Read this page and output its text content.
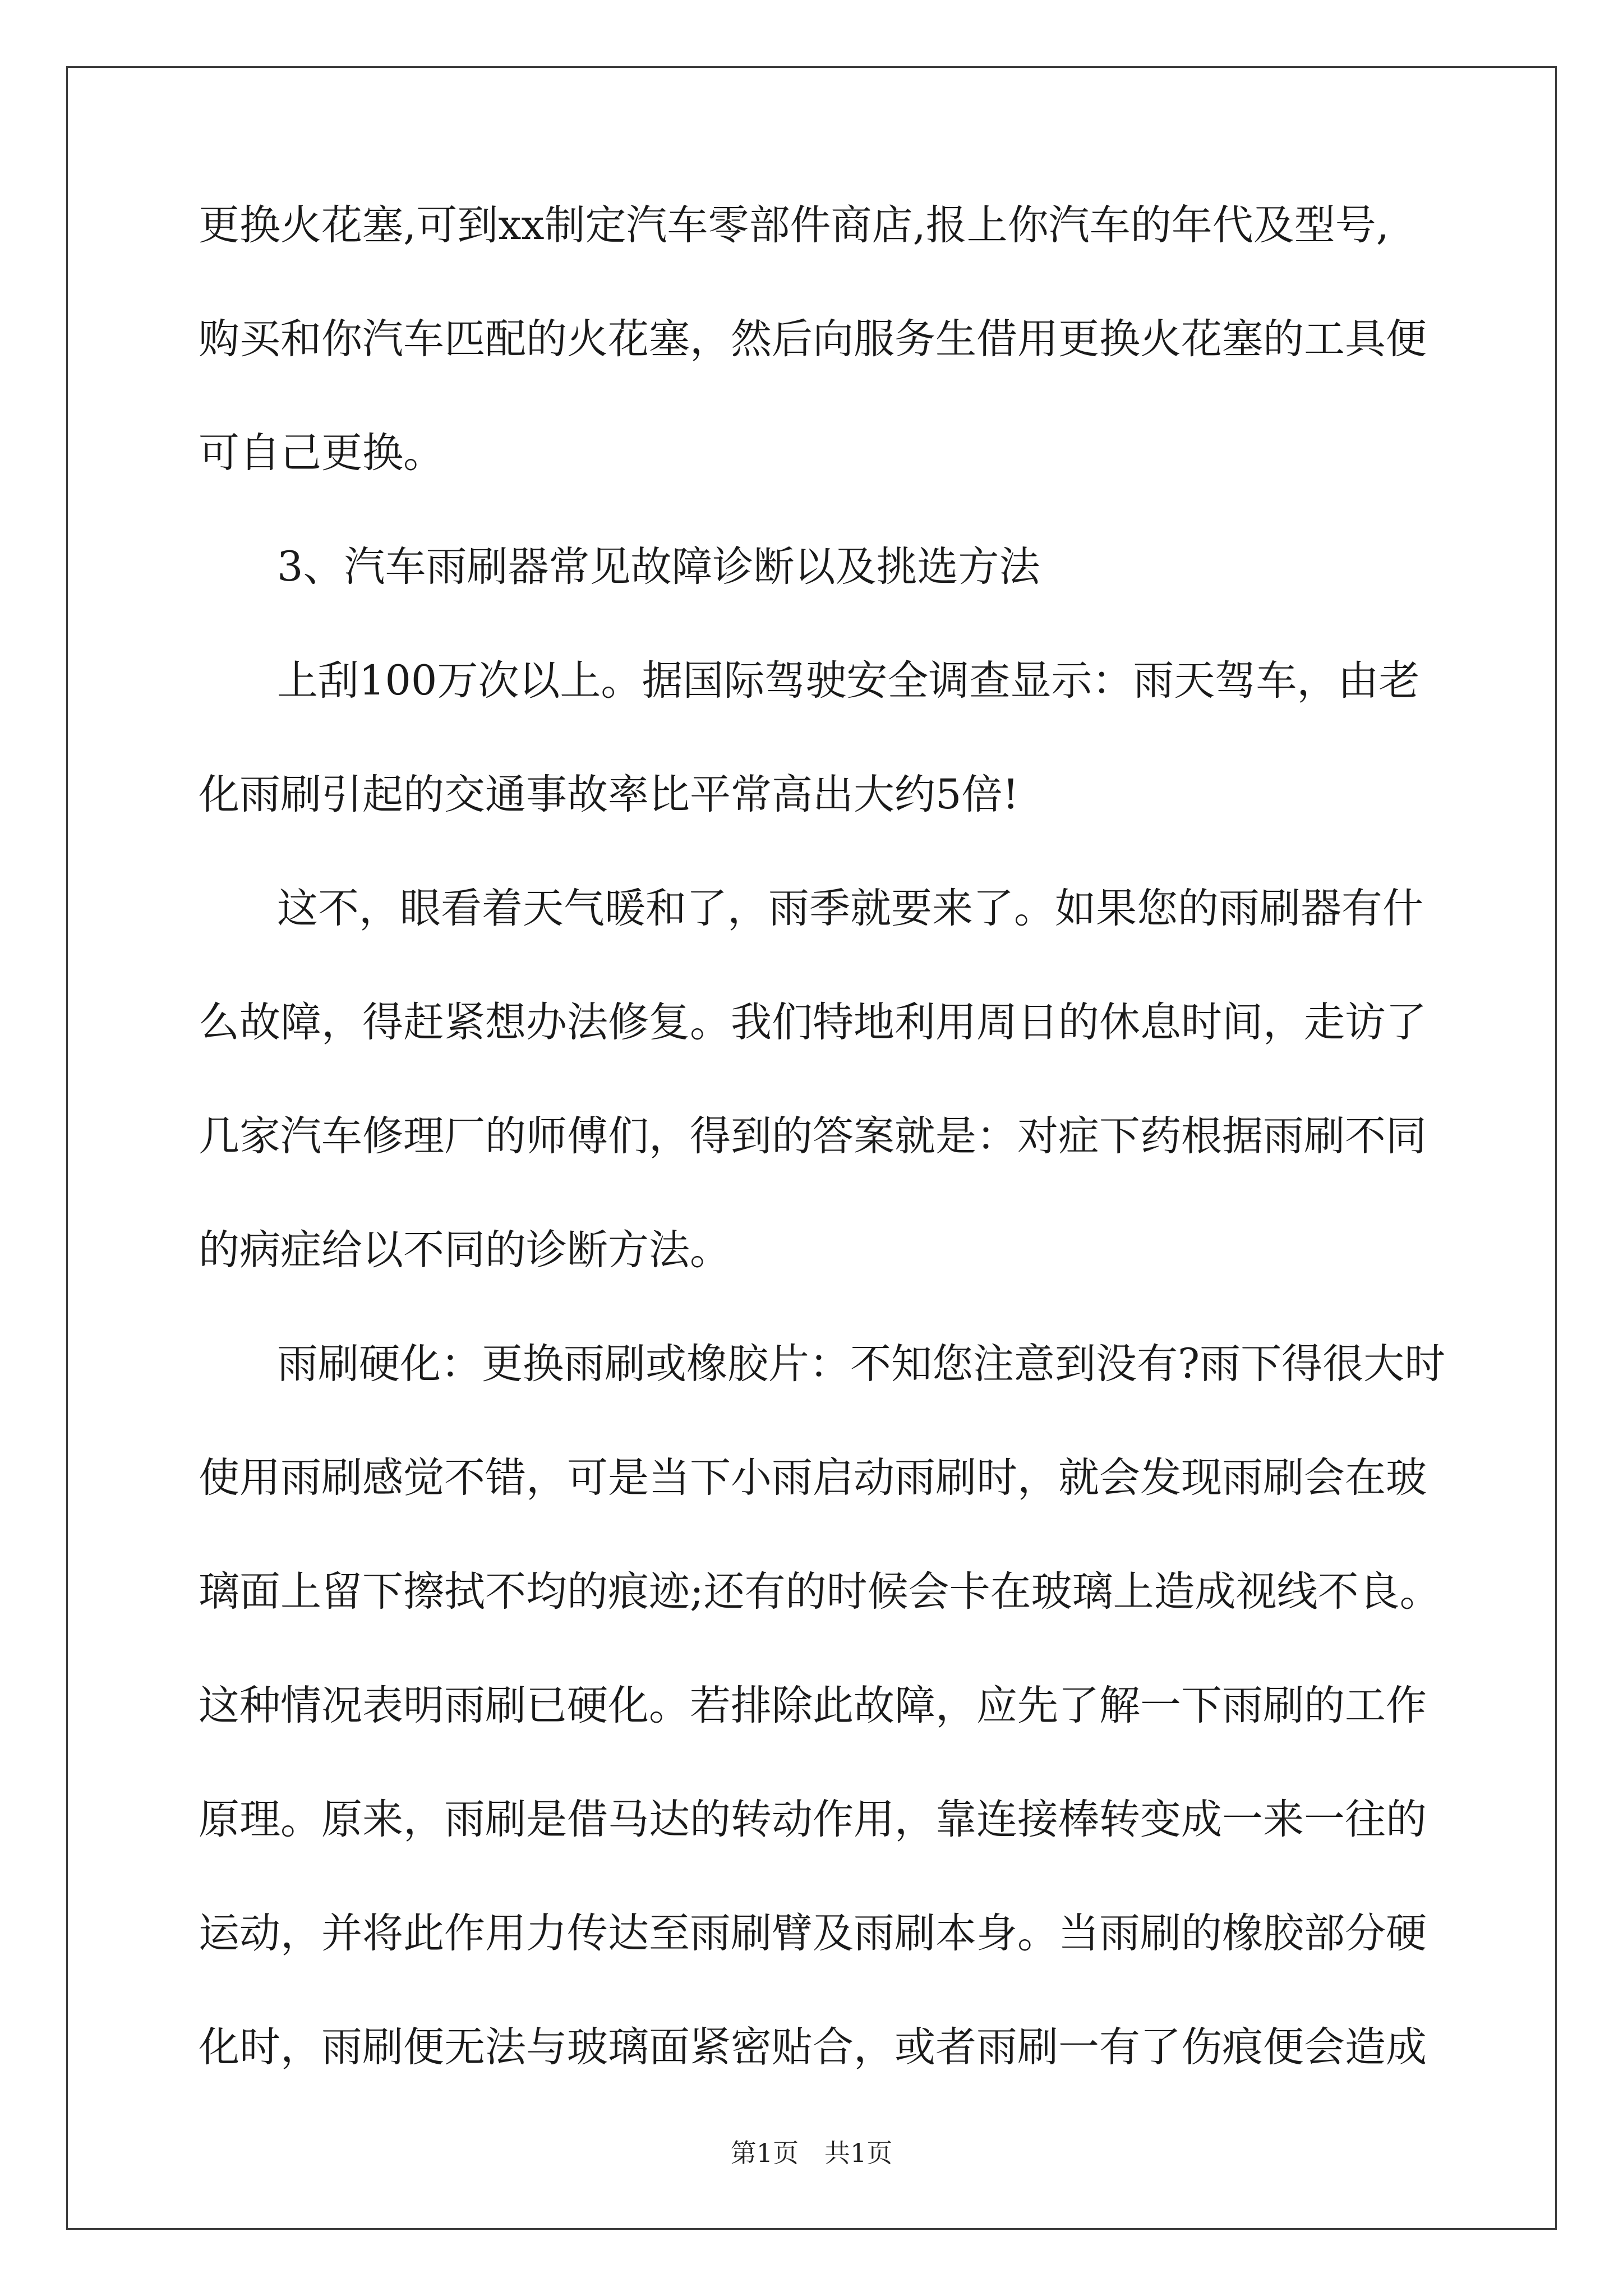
更换火花塞,可到xx制定汽车零部件商店,报上你汽车的年代及型号,
购买和你汽车匹配的火花塞，然后向服务生借用更换火花塞的工具便
可自己更换。
3、汽车雨刷器常见故障诊断以及挑选方法
上刮100万次以上。据国际驾驶安全调查显示：雨天驾车，由老
化雨刷引起的交通事故率比平常高出大约5倍!
这不，眼看着天气暖和了，雨季就要来了。如果您的雨刷器有什
么故障，得赶紧想办法修复。我们特地利用周日的休息时间，走访了
几家汽车修理厂的师傅们，得到的答案就是：对症下药根据雨刷不同
的病症给以不同的诊断方法。
雨刷硬化：更换雨刷或橡胶片：不知您注意到没有?雨下得很大时
使用雨刷感觉不错，可是当下小雨启动雨刷时，就会发现雨刷会在玻
璃面上留下擦拭不均的痕迹;还有的时候会卡在玻璃上造成视线不良。
这种情况表明雨刷已硬化。若排除此故障，应先了解一下雨刷的工作
原理。原来，雨刷是借马达的转动作用，靠连接棒转变成一来一往的
运动，并将此作用力传达至雨刷臂及雨刷本身。当雨刷的橡胶部分硬
化时，雨刷便无法与玻璃面紧密贴合，或者雨刷一有了伤痕便会造成
第1页　共1页
